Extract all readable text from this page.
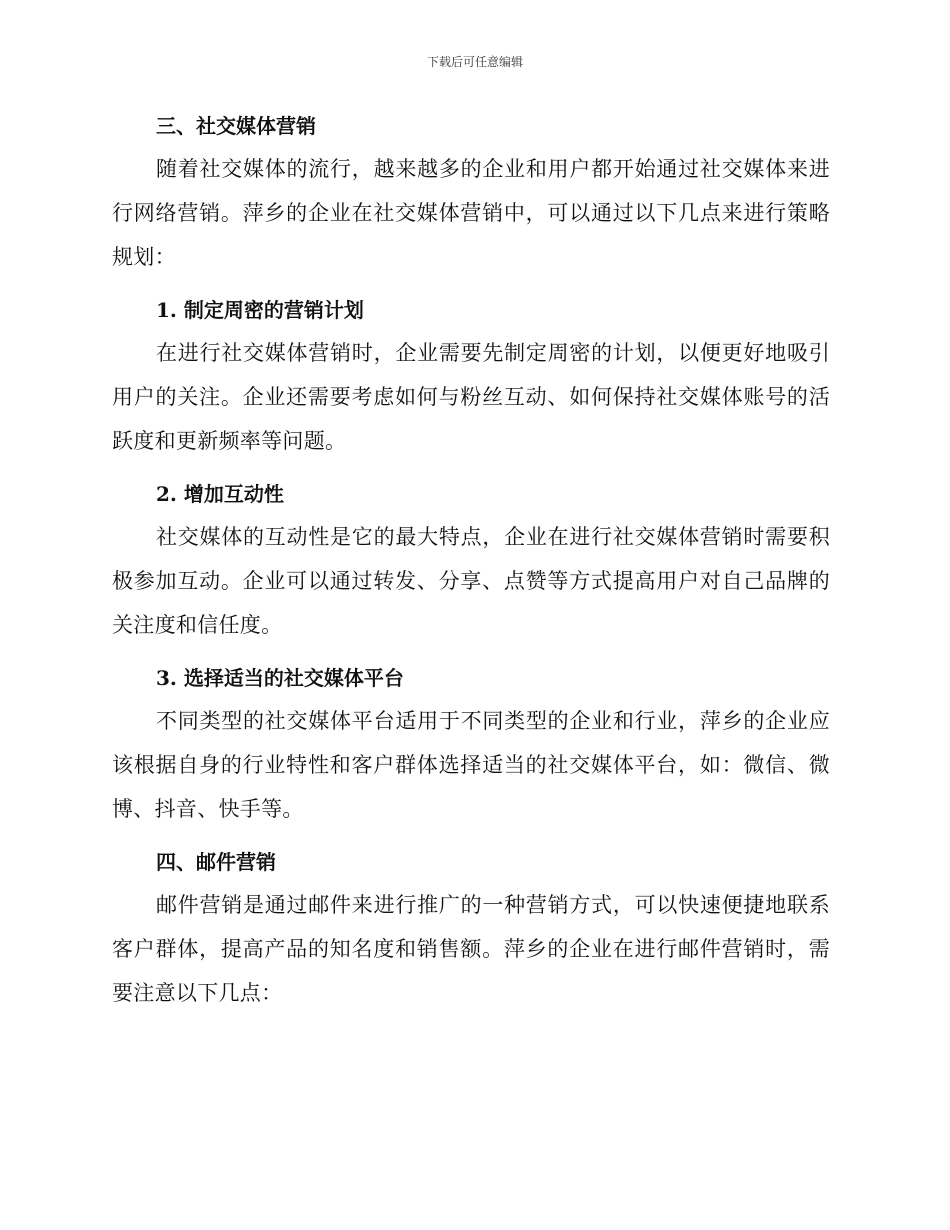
下载后可任意编辑
三、社交媒体营销

随着社交媒体的流行，越来越多的企业和用户都开始通过社交媒体来进行网络营销。萍乡的企业在社交媒体营销中，可以通过以下几点来进行策略规划：

1. 制定周密的营销计划

在进行社交媒体营销时，企业需要先制定周密的计划，以便更好地吸引用户的关注。企业还需要考虑如何与粉丝互动、如何保持社交媒体账号的活跃度和更新频率等问题。

2. 增加互动性

社交媒体的互动性是它的最大特点，企业在进行社交媒体营销时需要积极参加互动。企业可以通过转发、分享、点赞等方式提高用户对自己品牌的关注度和信任度。

3. 选择适当的社交媒体平台

不同类型的社交媒体平台适用于不同类型的企业和行业，萍乡的企业应该根据自身的行业特性和客户群体选择适当的社交媒体平台，如：微信、微博、抖音、快手等。

四、邮件营销

邮件营销是通过邮件来进行推广的一种营销方式，可以快速便捷地联系客户群体，提高产品的知名度和销售额。萍乡的企业在进行邮件营销时，需要注意以下几点：
